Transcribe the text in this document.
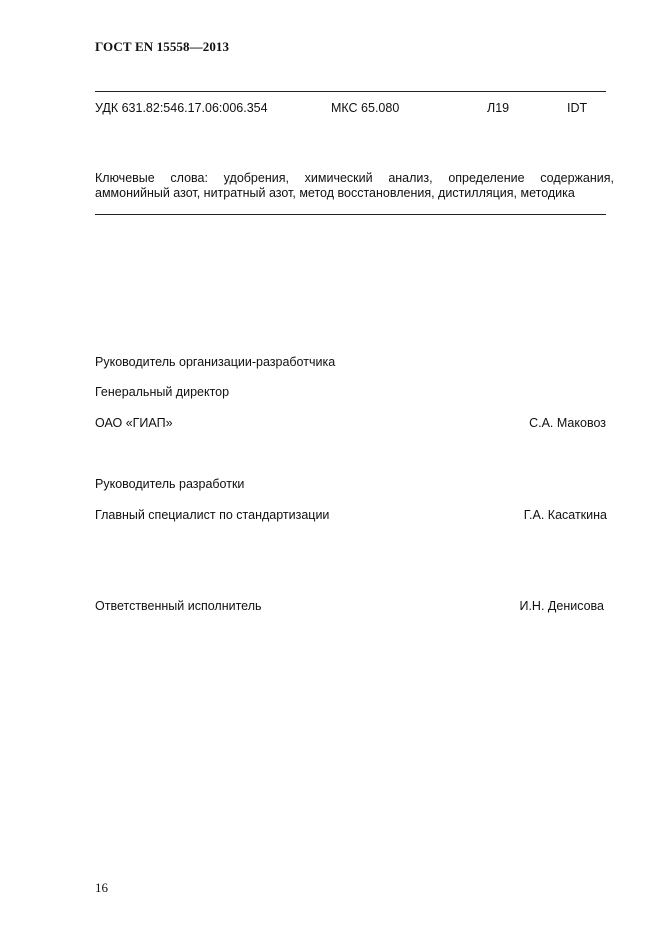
ГОСТ EN 15558—2013
УДК 631.82:546.17.06:006.354	МКС 65.080	Л19	IDT
Ключевые слова: удобрения, химический анализ, определение содержания,
аммонийный азот, нитратный азот, метод восстановления, дистилляция, методика
Руководитель организации-разработчика
Генеральный директор
ОАО «ГИАП»	С.А. Маковоз
Руководитель разработки
Главный специалист по стандартизации	Г.А. Касаткина
Ответственный исполнитель	И.Н. Денисова
16
